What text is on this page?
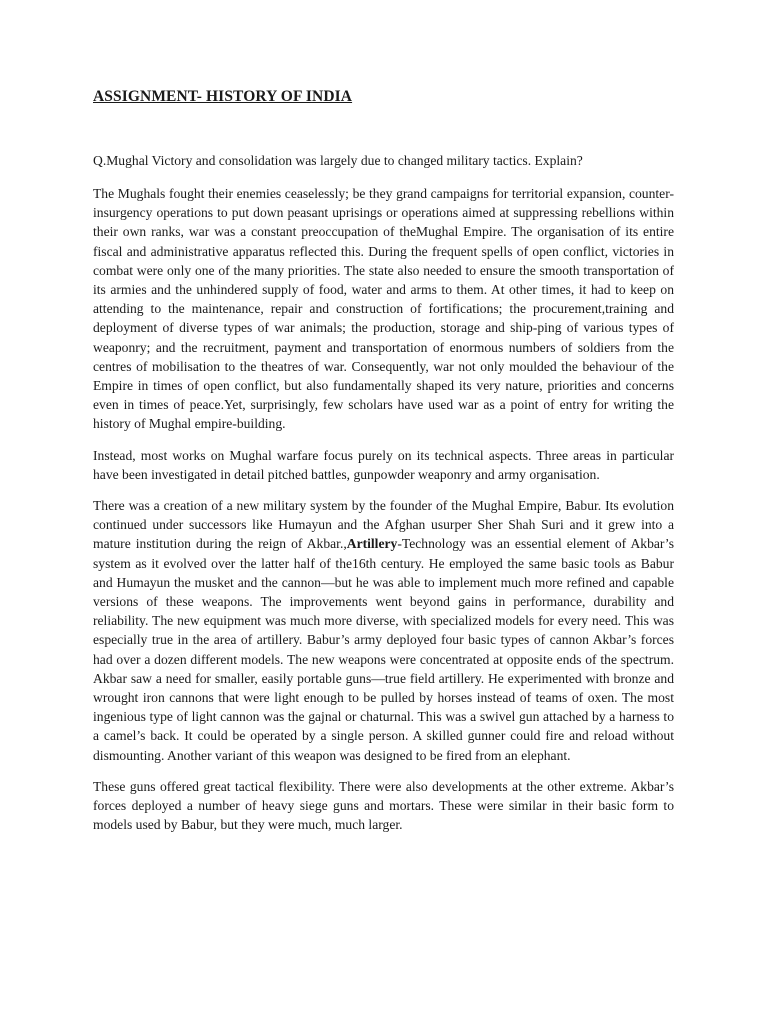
ASSIGNMENT- HISTORY OF INDIA
Q.Mughal Victory and consolidation was largely due to changed military tactics. Explain?

The Mughals fought their enemies ceaselessly; be they grand campaigns for territorial expansion, counter-insurgency operations to put down peasant uprisings or operations aimed at suppressing rebellions within their own ranks, war was a constant preoccupation of theMughal Empire. The organisation of its entire fiscal and administrative apparatus reflected this. During the frequent spells of open conflict, victories in combat were only one of the many priorities. The state also needed to ensure the smooth transportation of its armies and the unhindered supply of food, water and arms to them. At other times, it had to keep on attending to the maintenance, repair and construction of fortifications; the procurement,training and deployment of diverse types of war animals; the production, storage and ship-ping of various types of weaponry; and the recruitment, payment and transportation of enormous numbers of soldiers from the centres of mobilisation to the theatres of war. Consequently, war not only moulded the behaviour of the Empire in times of open conflict, but also fundamentally shaped its very nature, priorities and concerns even in times of peace.Yet, surprisingly, few scholars have used war as a point of entry for writing the history of Mughal empire-building.

Instead, most works on Mughal warfare focus purely on its technical aspects. Three areas in particular have been investigated in detail pitched battles, gunpowder weaponry and army organisation.

There was a creation of a new military system by the founder of the Mughal Empire, Babur. Its evolution continued under successors like Humayun and the Afghan usurper Sher Shah Suri and it grew into a mature institution during the reign of Akbar.,Artillery-Technology was an essential element of Akbar’s system as it evolved over the latter half of the16th century. He employed the same basic tools as Babur and Humayun the musket and the cannon—but he was able to implement much more refined and capable versions of these weapons. The improvements went beyond gains in performance, durability and reliability. The new equipment was much more diverse, with specialized models for every need. This was especially true in the area of artillery. Babur’s army deployed four basic types of cannon Akbar’s forces had over a dozen different models. The new weapons were concentrated at opposite ends of the spectrum. Akbar saw a need for smaller, easily portable guns—true field artillery. He experimented with bronze and wrought iron cannons that were light enough to be pulled by horses instead of teams of oxen. The most ingenious type of light cannon was the gajnal or chaturnal. This was a swivel gun attached by a harness to a camel’s back. It could be operated by a single person. A skilled gunner could fire and reload without dismounting. Another variant of this weapon was designed to be fired from an elephant.

These guns offered great tactical flexibility. There were also developments at the other extreme. Akbar’s forces deployed a number of heavy siege guns and mortars. These were similar in their basic form to models used by Babur, but they were much, much larger.
